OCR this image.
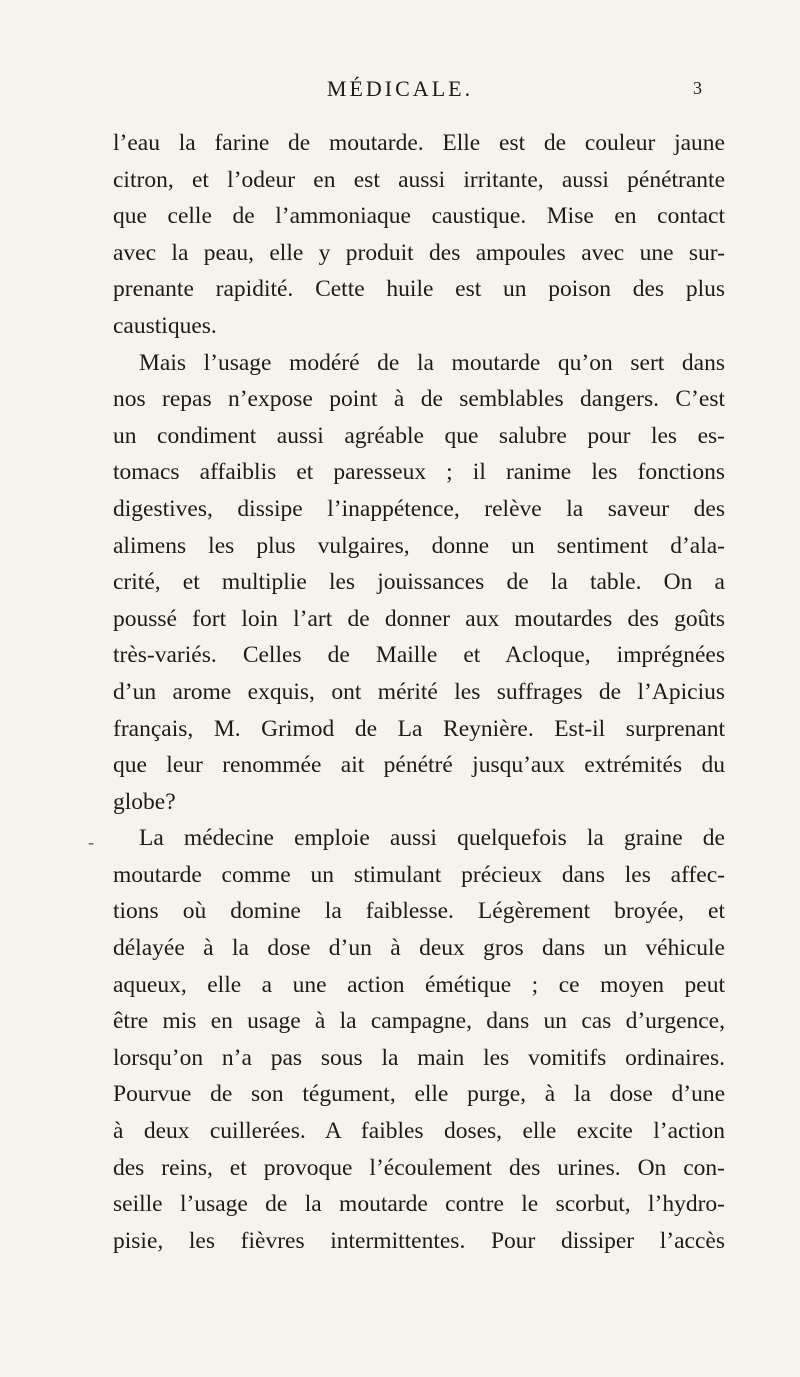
MÉDICALE.	3
-
l’eau la farine de moutarde. Elle est de couleur jaune
citron, et l’odeur en est aussi irritante, aussi pénétrante
que celle de l’ammoniaque caustique. Mise en contact
avec la peau, elle y produit des ampoules avec une sur-
prenante rapidité. Cette huile est un poison des plus
caustiques.
Mais l’usage modéré de la moutarde qu’on sert dans
nos repas n’expose point à de semblables dangers. C’est
un condiment aussi agréable que salubre pour les es-
tomacs affaiblis et paresseux ; il ranime les fonctions
digestives, dissipe l’inappétence, relève la saveur des
alimens les plus vulgaires, donne un sentiment d’ala-
crité, et multiplie les jouissances de la table. On a
poussé fort loin l’art de donner aux moutardes des goûts
très-variés. Celles de Maille et Acloque, imprégnées
d’un arome exquis, ont mérité les suffrages de l’Apicius
français, M. Grimod de La Reynière. Est-il surprenant
que leur renommée ait pénétré jusqu’aux extrémités du
globe?
La médecine emploie aussi quelquefois la graine de
moutarde comme un stimulant précieux dans les affec-
tions où domine la faiblesse. Légèrement broyée, et
délayée à la dose d’un à deux gros dans un véhicule
aqueux, elle a une action émétique ; ce moyen peut
être mis en usage à la campagne, dans un cas d’urgence,
lorsqu’on n’a pas sous la main les vomitifs ordinaires.
Pourvue de son tégument, elle purge, à la dose d’une
à deux cuillerées. A faibles doses, elle excite l’action
des reins, et provoque l’écoulement des urines. On con-
seille l’usage de la moutarde contre le scorbut, l’hydro-
pisie, les fièvres intermittentes. Pour dissiper l’accès
